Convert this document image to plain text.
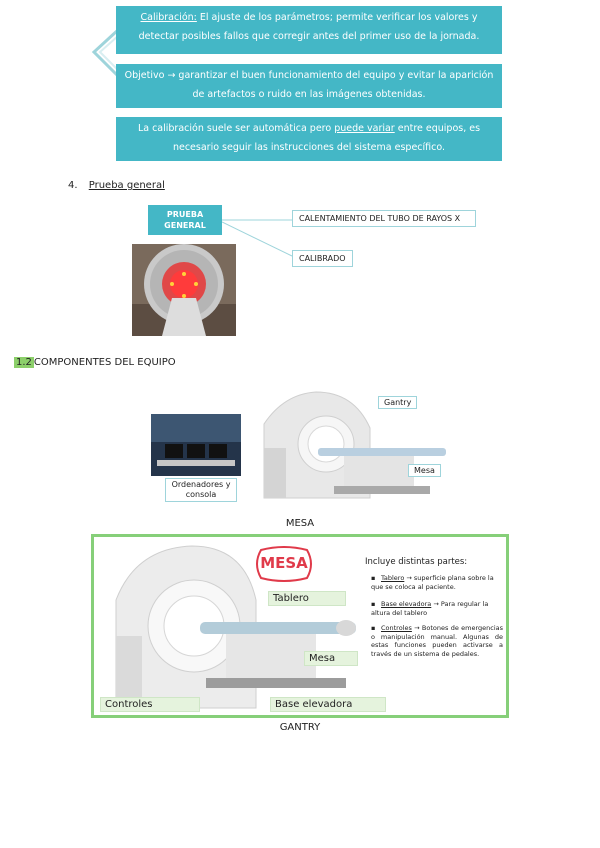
Calibración: El ajuste de los parámetros; permite verificar los valores y detectar posibles fallos que corregir antes del primer uso de la jornada.
Objetivo → garantizar el buen funcionamiento del equipo y evitar la aparición de artefactos o ruido en las imágenes obtenidas.
La calibración suele ser automática pero puede variar entre equipos, es necesario seguir las instrucciones del sistema específico.
4. Prueba general
PRUEBA GENERAL
CALENTAMIENTO DEL TUBO DE RAYOS X
CALIBRADO
1.2 COMPONENTES DEL EQUIPO
Ordenadores y consola
Gantry
Mesa
MESA
MESA
Tablero
Mesa
Controles	Base elevadora
Incluye distintas partes:
▪ Tablero → superficie plana sobre la que se coloca al paciente.
▪ Base elevadora → Para regular la altura del tablero
▪ Controles → Botones de emergencias o manipulación manual. Algunas de estas funciones pueden activarse a través de un sistema de pedales.
GANTRY
